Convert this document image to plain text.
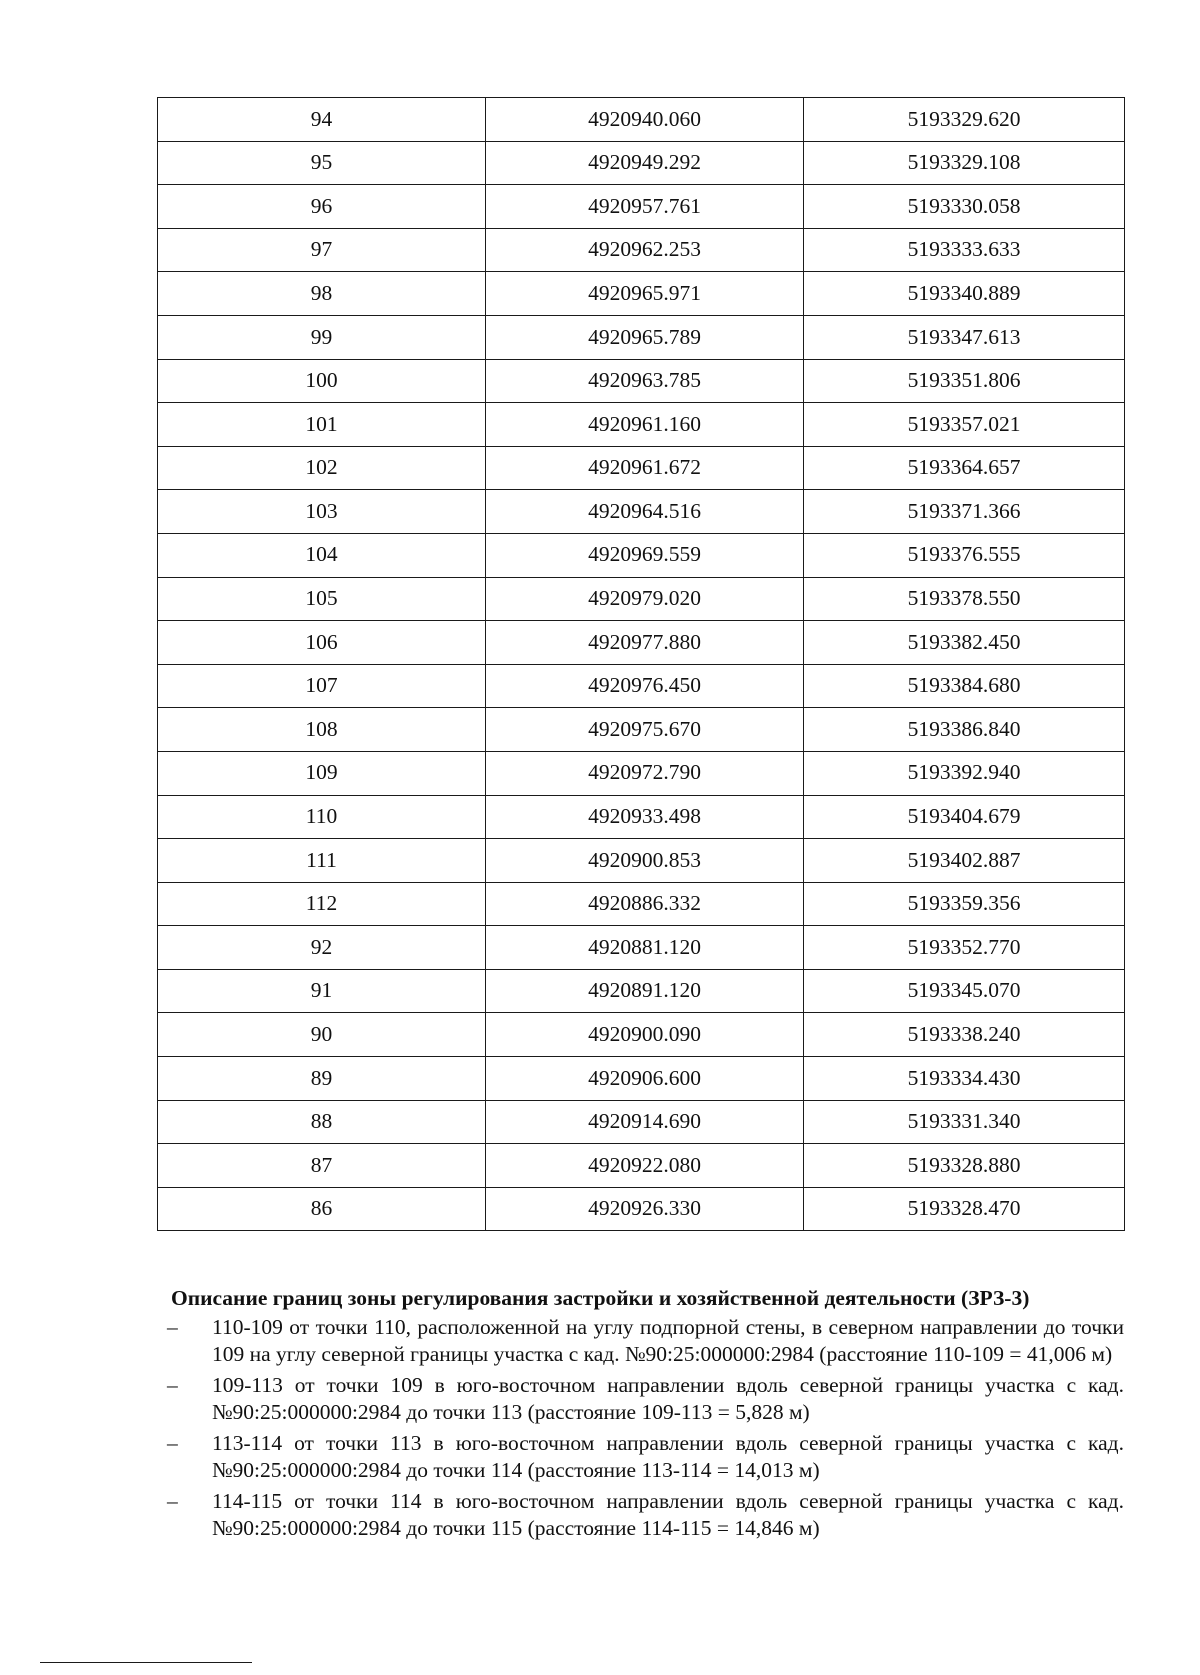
94	4920940.060	5193329.620
95	4920949.292	5193329.108
96	4920957.761	5193330.058
97	4920962.253	5193333.633
98	4920965.971	5193340.889
99	4920965.789	5193347.613
100	4920963.785	5193351.806
101	4920961.160	5193357.021
102	4920961.672	5193364.657
103	4920964.516	5193371.366
104	4920969.559	5193376.555
105	4920979.020	5193378.550
106	4920977.880	5193382.450
107	4920976.450	5193384.680
108	4920975.670	5193386.840
109	4920972.790	5193392.940
110	4920933.498	5193404.679
111	4920900.853	5193402.887
112	4920886.332	5193359.356
92	4920881.120	5193352.770
91	4920891.120	5193345.070
90	4920900.090	5193338.240
89	4920906.600	5193334.430
88	4920914.690	5193331.340
87	4920922.080	5193328.880
86	4920926.330	5193328.470

Описание границ зоны регулирования застройки и хозяйственной деятельности (ЗРЗ-3)

– 110-109 от точки 110, расположенной на углу подпорной стены, в северном направлении до точки 109 на углу северной границы участка с кад. №90:25:000000:2984 (расстояние 110-109 = 41,006 м)
– 109-113 от точки 109 в юго-восточном направлении вдоль северной границы участка с кад. №90:25:000000:2984 до точки 113 (расстояние 109-113 = 5,828 м)
– 113-114 от точки 113 в юго-восточном направлении вдоль северной границы участка с кад. №90:25:000000:2984 до точки 114 (расстояние 113-114 = 14,013 м)
– 114-115 от точки 114 в юго-восточном направлении вдоль северной границы участка с кад. №90:25:000000:2984 до точки 115 (расстояние 114-115 = 14,846 м)
